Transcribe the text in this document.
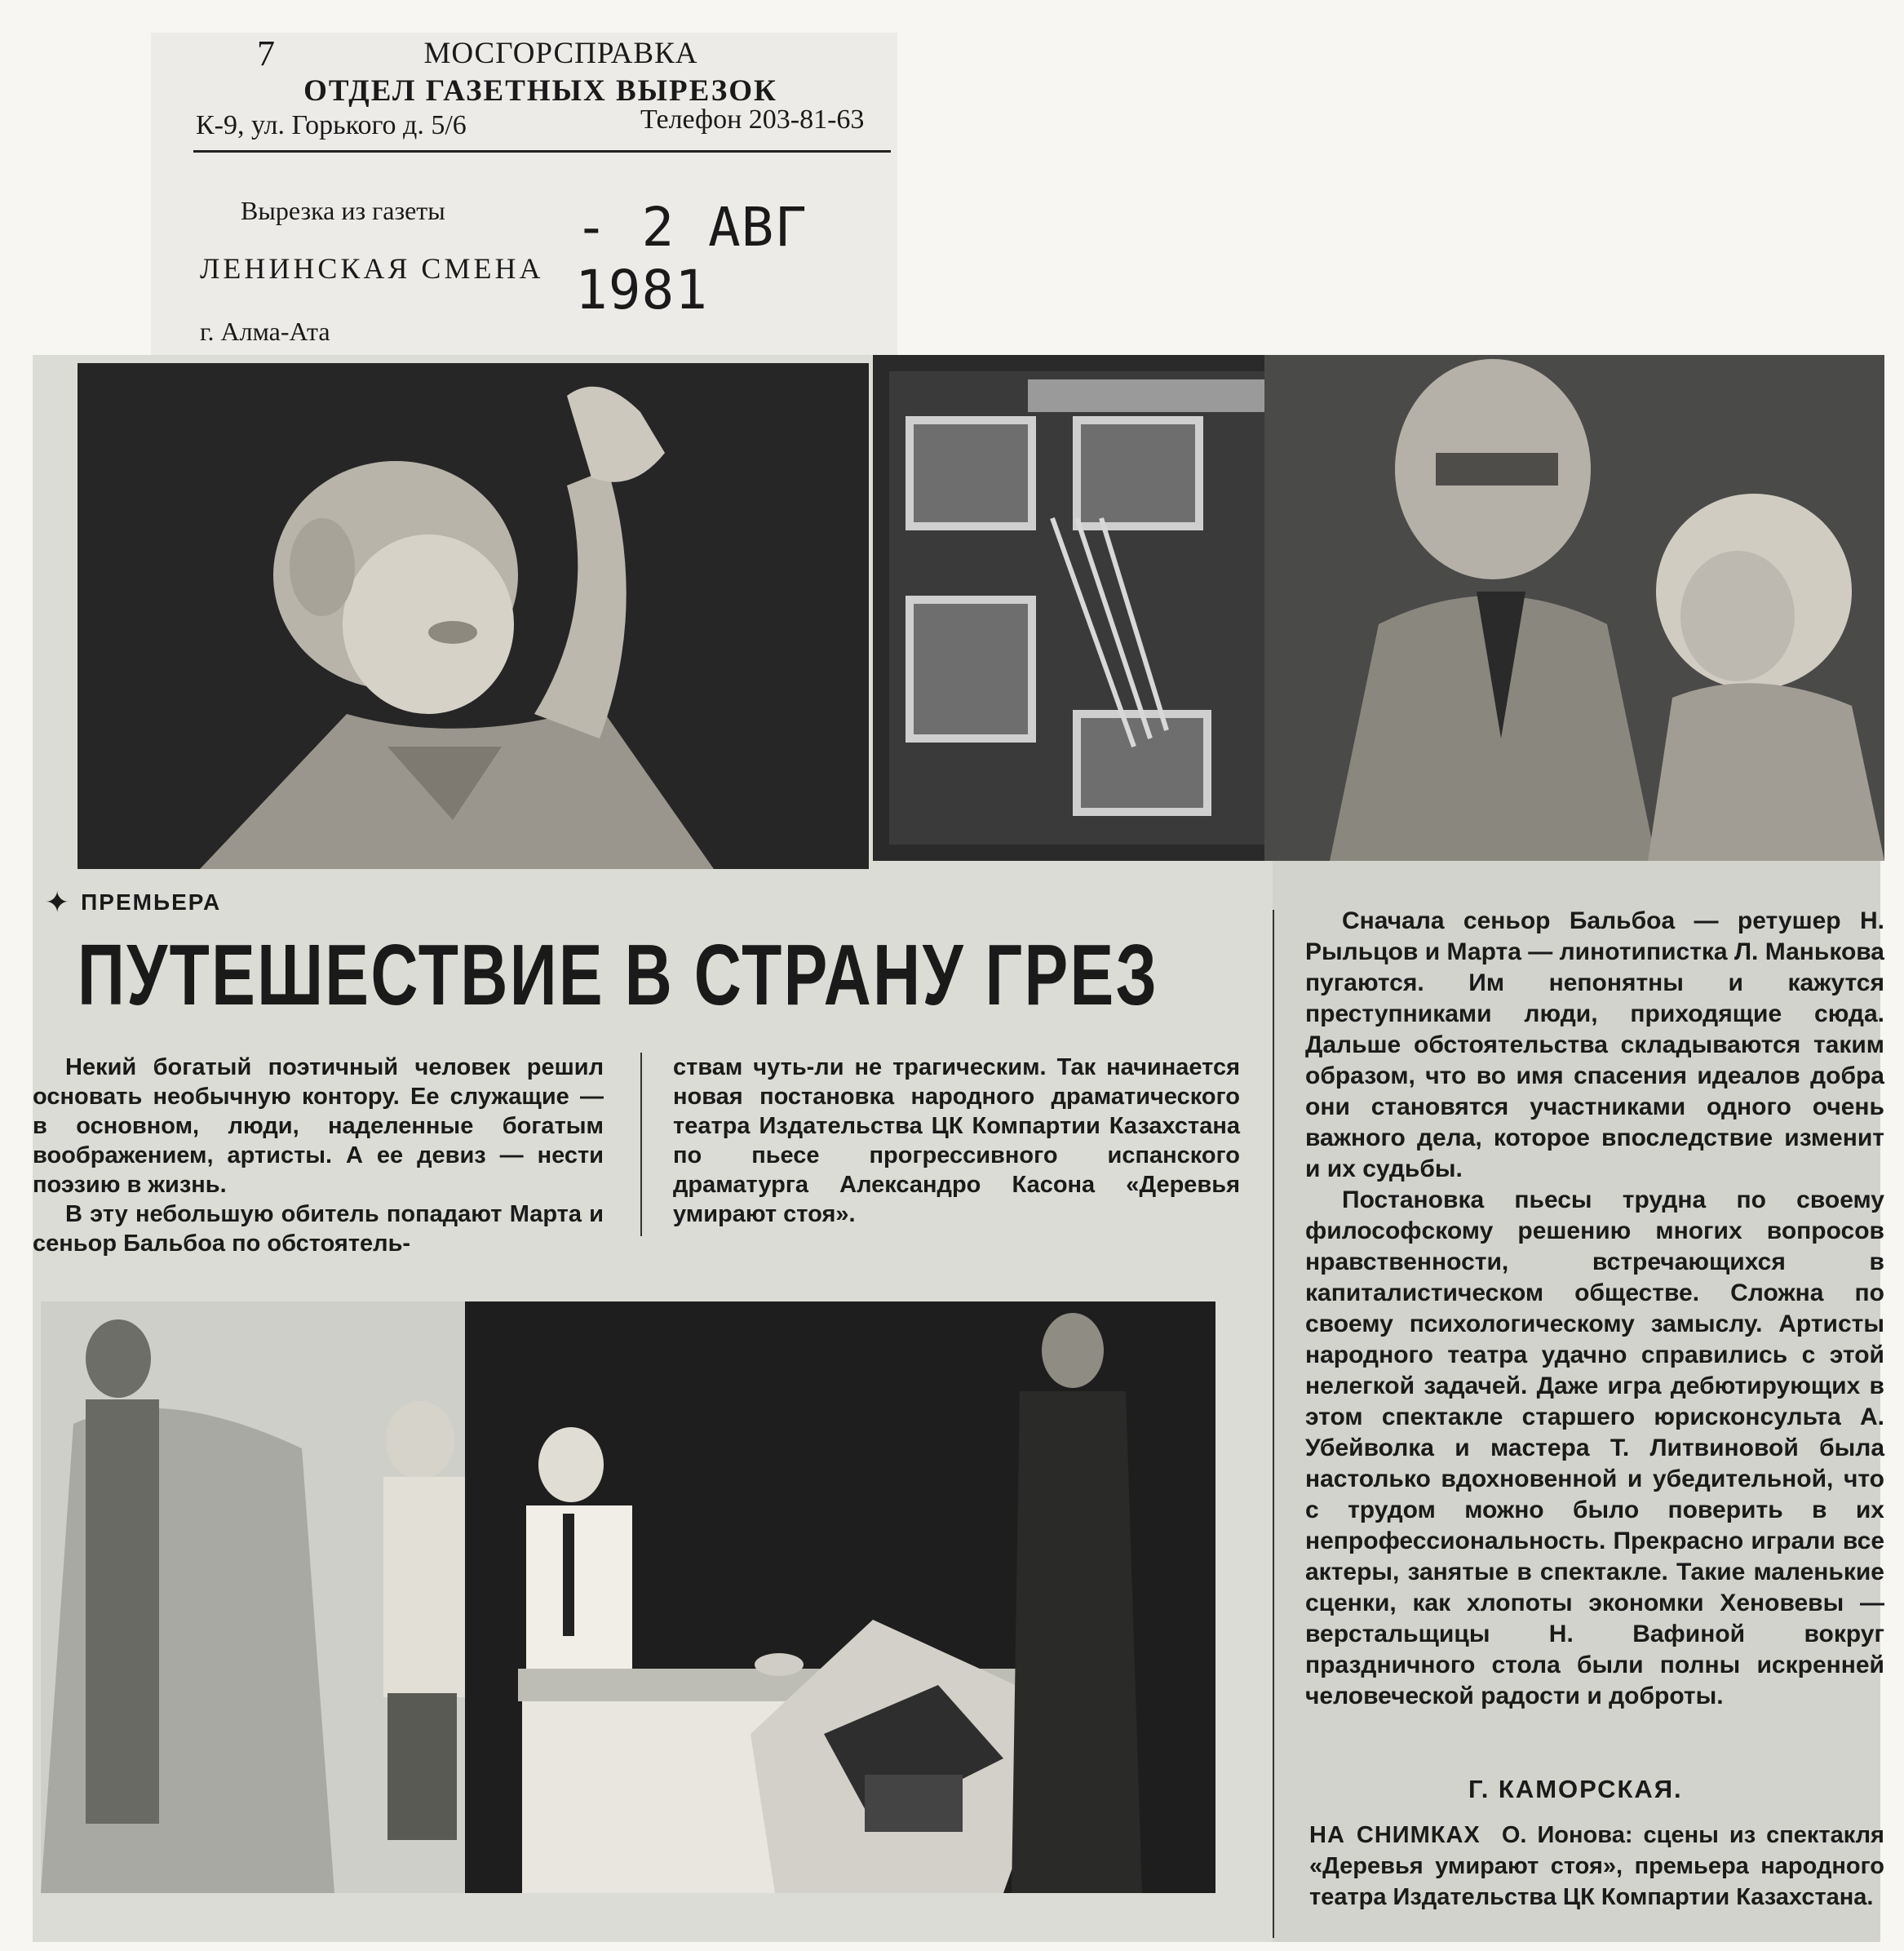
7	МОСГОРСПРАВКА
ОТДЕЛ ГАЗЕТНЫХ ВЫРЕЗОК
К-9, ул. Горького д. 5/6	Телефон 203-81-63
Вырезка из газеты - 2 АВГ 1981
ЛЕНИНСКАЯ СМЕНА
г. Алма-Ата
✦ ПРЕМЬЕРА
ПУТЕШЕСТВИЕ В СТРАНУ ГРЕЗ

Некий богатый поэтичный человек решил основать необычную контору. Ее служащие — в основном, люди, наделенные богатым воображением, артисты. А ее девиз — нести поэзию в жизнь.

В эту небольшую обитель попадают Марта и сеньор Бальбоа по обстоятель-

ствам чуть-ли не трагическим. Так начинается новая постановка народного драматического театра Издательства ЦК Компартии Казахстана по пьесе прогрессивного испанского драматурга Александро Касона «Деревья умирают стоя».

Сначала сеньор Бальбоа — ретушер Н. Рыльцов и Марта — линотипистка Л. Манькова пугаются. Им непонятны и кажутся преступниками люди, приходящие сюда. Дальше обстоятельства складываются таким образом, что во имя спасения идеалов добра они становятся участниками одного очень важного дела, которое впоследствие изменит и их судьбы.

Постановка пьесы трудна по своему философскому решению многих вопросов нравственности, встречающихся в капиталистическом обществе. Сложна по своему психологическому замыслу. Артисты народного театра удачно справились с этой нелегкой задачей. Даже игра дебютирующих в этом спектакле старшего юрисконсульта А. Убейволка и мастера Т. Литвиновой была настолько вдохновенной и убедительной, что с трудом можно было поверить в их непрофессиональность. Прекрасно играли все актеры, занятые в спектакле. Такие маленькие сценки, как хлопоты экономки Хеновевы — верстальщицы Н. Вафиной вокруг праздничного стола были полны искренней человеческой радости и доброты.

Г. КАМОРСКАЯ.
НА СНИМКАХ О. Ионова: сцены из спектакля «Деревья умирают стоя», премьера народного театра Издательства ЦК Компартии Казахстана.
